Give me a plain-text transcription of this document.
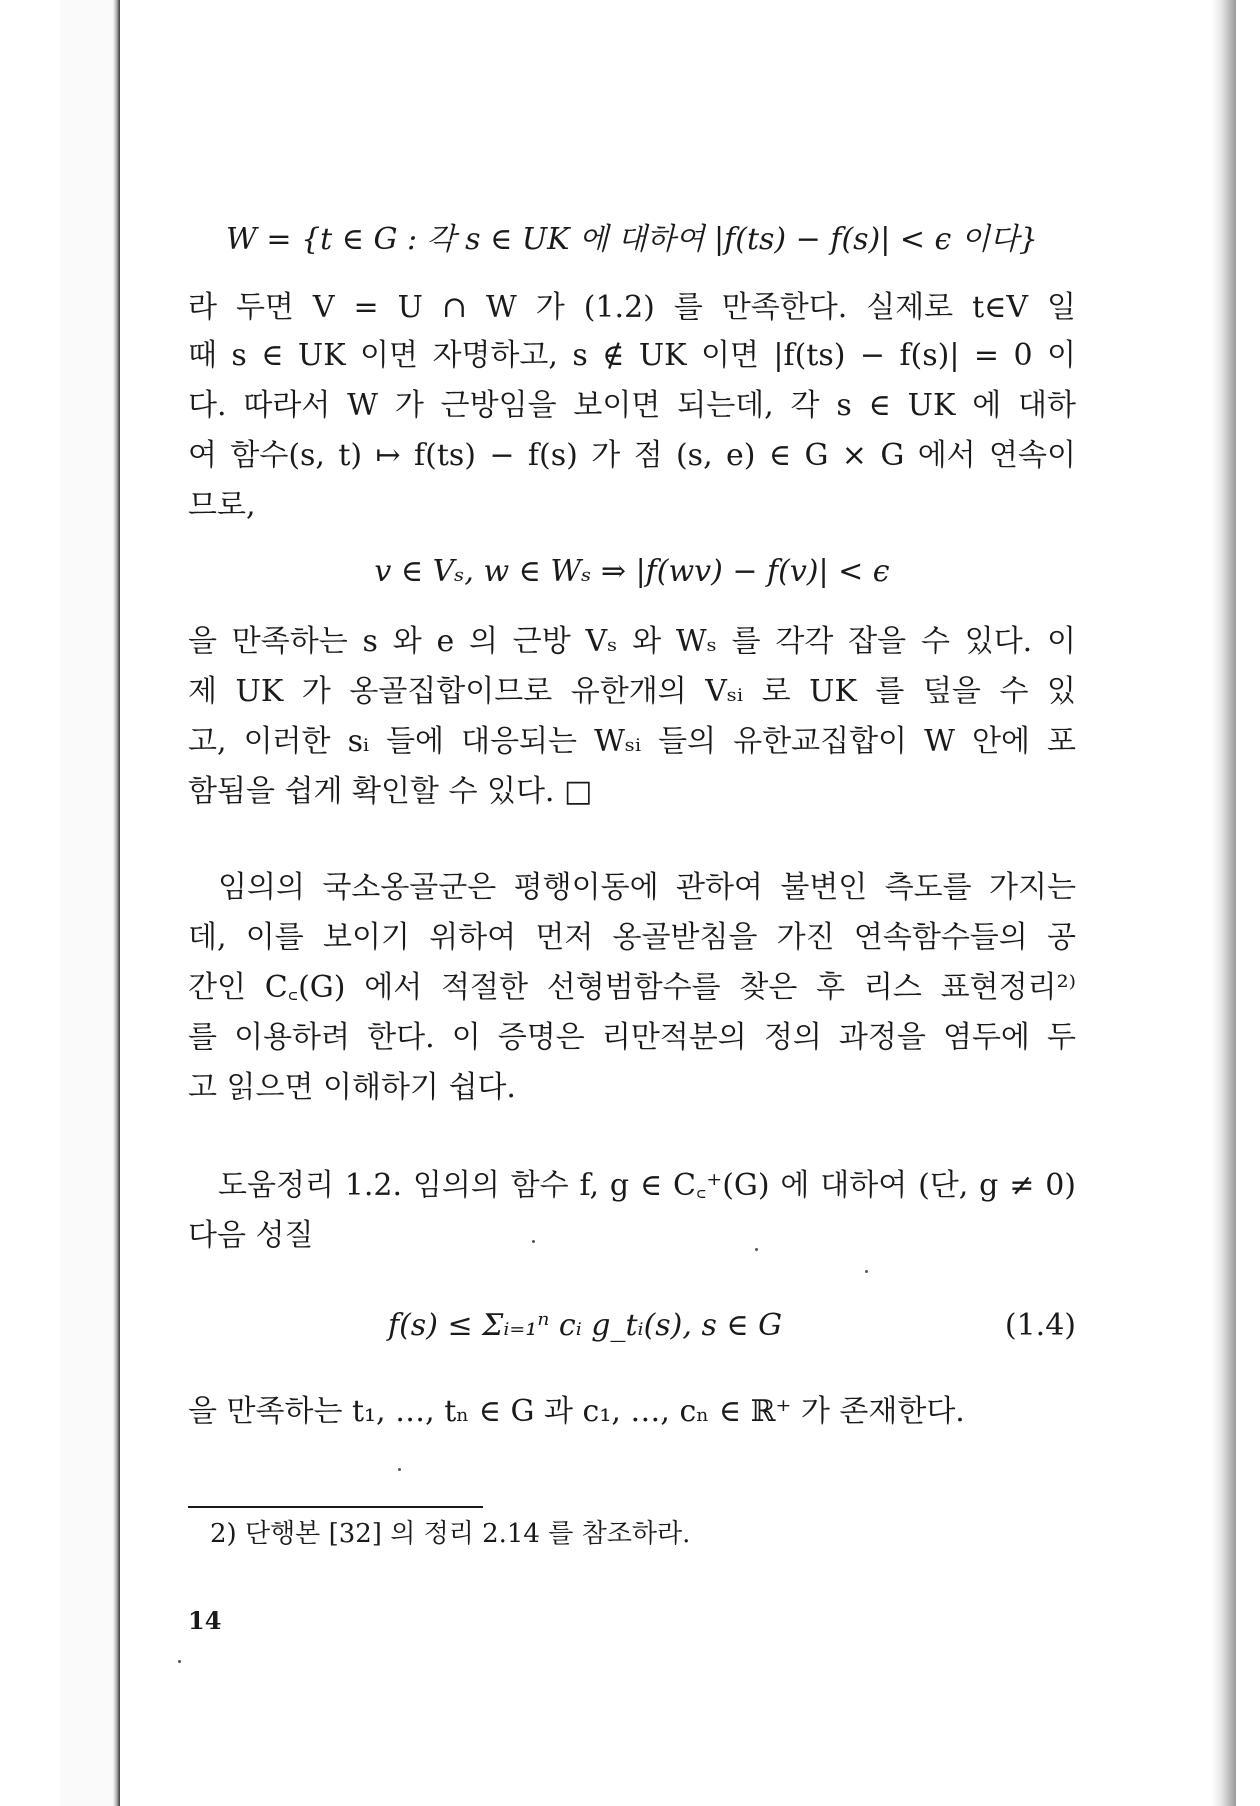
W = {t ∈ G : 각 s ∈ UK 에 대하여 |f(ts) − f(s)| < ϵ 이다}
라 두면 V = U ∩ W 가 (1.2) 를 만족한다. 실제로 t∈V 일
때 s ∈ UK 이면 자명하고, s ∉ UK 이면 |f(ts) − f(s)| = 0 이
다. 따라서 W 가 근방임을 보이면 되는데, 각 s ∈ UK 에 대하
여 함수(s, t) ↦ f(ts) − f(s) 가 점 (s, e) ∈ G × G 에서 연속이
므로,
v ∈ Vₛ, w ∈ Wₛ ⇒ |f(wv) − f(v)| < ϵ
을 만족하는 s 와 e 의 근방 Vₛ 와 Wₛ 를 각각 잡을 수 있다. 이
제 UK 가 옹골집합이므로 유한개의 Vₛᵢ 로 UK 를 덮을 수 있
고, 이러한 sᵢ 들에 대응되는 Wₛᵢ 들의 유한교집합이 W 안에 포
함됨을 쉽게 확인할 수 있다. □
임의의 국소옹골군은 평행이동에 관하여 불변인 측도를 가지는
데, 이를 보이기 위하여 먼저 옹골받침을 가진 연속함수들의 공
간인 C꜀(G) 에서 적절한 선형범함수를 찾은 후 리스 표현정리²⁾
를 이용하려 한다. 이 증명은 리만적분의 정의 과정을 염두에 두
고 읽으면 이해하기 쉽다.
도움정리 1.2. 임의의 함수 f, g ∈ C꜀⁺(G) 에 대하여 (단, g ≠ 0)
다음 성질
f(s) ≤ Σᵢ₌₁ⁿ cᵢ g_tᵢ(s), s ∈ G	(1.4)
을 만족하는 t₁, …, tₙ ∈ G 과 c₁, …, cₙ ∈ ℝ⁺ 가 존재한다.
2) 단행본 [32] 의 정리 2.14 를 참조하라.
14
